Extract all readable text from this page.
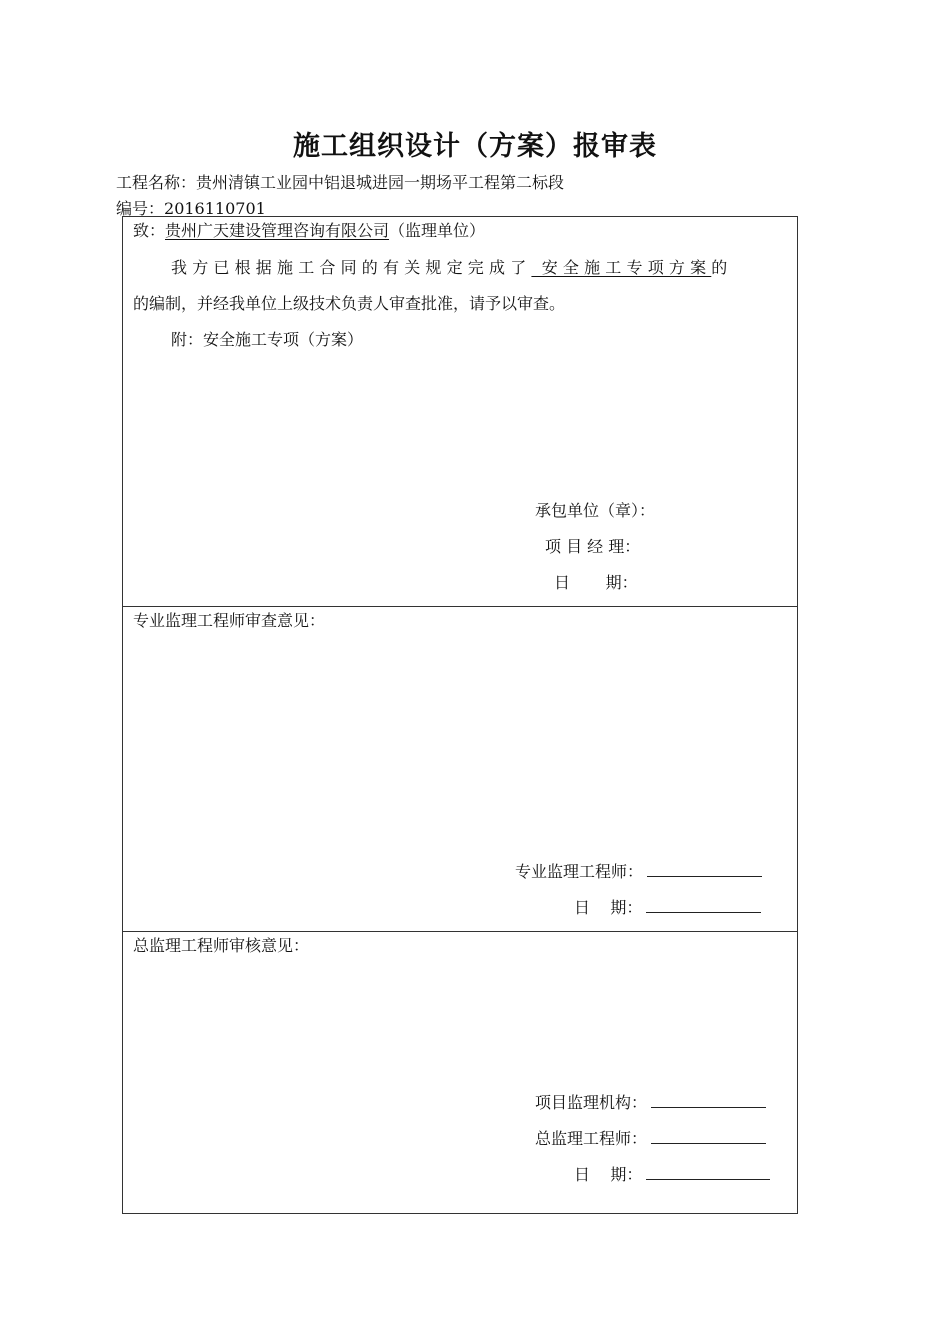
施工组织设计（方案）报审表
工程名称：贵州清镇工业园中铝退城进园一期场平工程第二标段
编号：2016110701
致：贵州广天建设管理咨询有限公司（监理单位）
我方已根据施工合同的有关规定完成了 安全施工专项方案的
的编制，并经我单位上级技术负责人审查批准，请予以审查。
附：安全施工专项（方案）
承包单位（章）：
项 目 经 理：
日       期：
专业监理工程师审查意见：
专业监理工程师：
日    期：
总监理工程师审核意见：
项目监理机构：
总监理工程师：
日    期：
